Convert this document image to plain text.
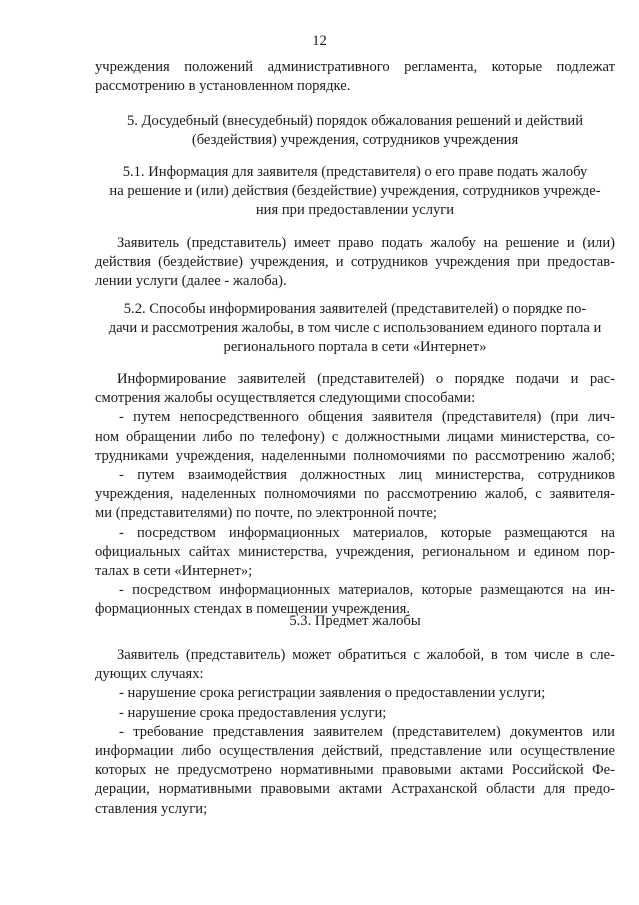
12
учреждения положений административного регламента, которые подлежат
рассмотрению в установленном порядке.
5. Досудебный (внесудебный) порядок обжалования решений и действий
(бездействия) учреждения, сотрудников учреждения
5.1. Информация для заявителя (представителя) о его праве подать жалобу
на решение и (или) действия (бездействие) учреждения, сотрудников учрежде-
ния при предоставлении услуги
Заявитель (представитель) имеет право подать жалобу на решение и (или)
действия (бездействие) учреждения, и сотрудников учреждения при предостав-
лении услуги (далее - жалоба).
5.2. Способы информирования заявителей (представителей) о порядке по-
дачи и рассмотрения жалобы, в том числе с использованием единого портала и
регионального портала в сети «Интернет»
Информирование заявителей (представителей) о порядке подачи и рас-
смотрения жалобы осуществляется следующими способами:
- путем непосредственного общения заявителя (представителя) (при лич-
ном обращении либо по телефону) с должностными лицами министерства, со-
трудниками учреждения, наделенными полномочиями по рассмотрению жалоб;
- путем взаимодействия должностных лиц министерства, сотрудников
учреждения, наделенных полномочиями по рассмотрению жалоб, с заявителя-
ми (представителями) по почте, по электронной почте;
- посредством информационных материалов, которые размещаются на
официальных сайтах министерства, учреждения, региональном и едином пор-
талах в сети «Интернет»;
- посредством информационных материалов, которые размещаются на ин-
формационных стендах в помещении учреждения.
5.3. Предмет жалобы
Заявитель (представитель) может обратиться с жалобой, в том числе в сле-
дующих случаях:
- нарушение срока регистрации заявления о предоставлении услуги;
- нарушение срока предоставления услуги;
- требование представления заявителем (представителем) документов или
информации либо осуществления действий, представление или осуществление
которых не предусмотрено нормативными правовыми актами Российской Фе-
дерации, нормативными правовыми актами Астраханской области для предо-
ставления услуги;
